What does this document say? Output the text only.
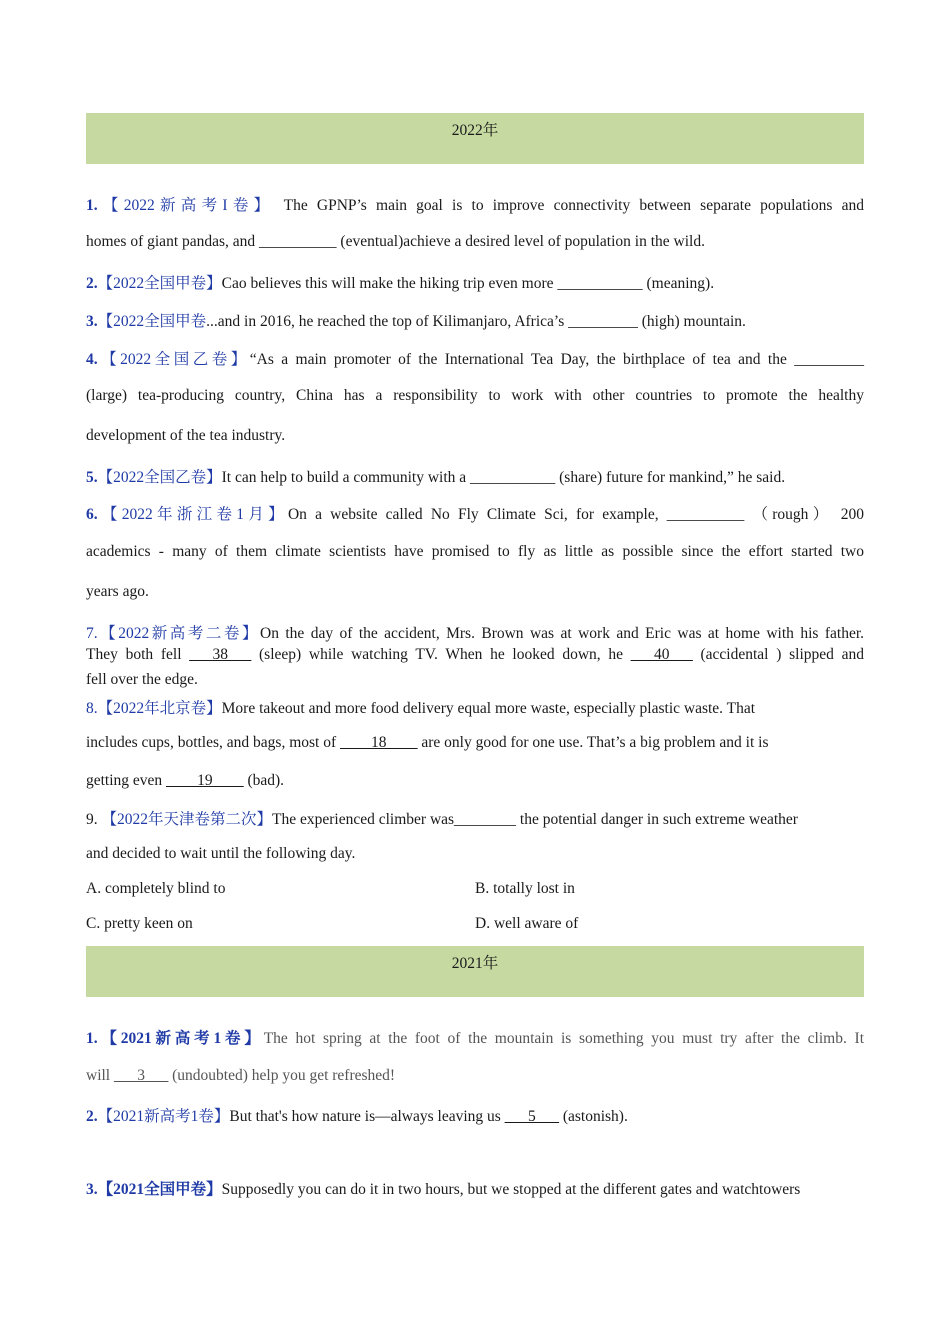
2022年
1.【2022新高考I卷】 The GPNP’s main goal is to improve connectivity between separate populations and
homes of giant pandas, and __________ (eventual)achieve a desired level of population in the wild.
2.【2022全国甲卷】Cao believes this will make the hiking trip even more ___________ (meaning).
3.【2022全国甲卷...and in 2016, he reached the top of Kilimanjaro, Africa’s _________ (high) mountain.
4.【2022全国乙卷】“As a main promoter of the International Tea Day, the birthplace of tea and the _________
(large) tea-producing country, China has a responsibility to work with other countries to promote the healthy
development of the tea industry.
5.【2022全国乙卷】It can help to build a community with a ___________ (share) future for mankind,” he said.
6.【2022年浙江卷1月】On a website called No Fly Climate Sci, for example, __________ （rough） 200
academics - many of them climate scientists have promised to fly as little as possible since the effort started two
years ago.
7.【2022新高考二卷】On the day of the accident, Mrs. Brown was at work and Eric was at home with his father.
They both fell ___38___ (sleep) while watching TV. When he looked down, he ___40___ (accidental ) slipped and
fell over the edge.
8.【2022年北京卷】More takeout and more food delivery equal more waste, especially plastic waste. That
includes cups, bottles, and bags, most of ____18____ are only good for one use. That’s a big problem and it is
getting even ____19____ (bad).
9. 【2022年天津卷第二次】The experienced climber was________ the potential danger in such extreme weather
and decided to wait until the following day.
A. completely blind to	B. totally lost in
C. pretty keen on	D. well aware of
2021年
1.【2021新高考1卷】The hot spring at the foot of the mountain is something you must try after the climb. It
will ___3___ (undoubted) help you get refreshed!
2.【2021新高考1卷】But that's how nature is—always leaving us ___5___ (astonish).
3.【2021全国甲卷】Supposedly you can do it in two hours, but we stopped at the different gates and watchtowers
